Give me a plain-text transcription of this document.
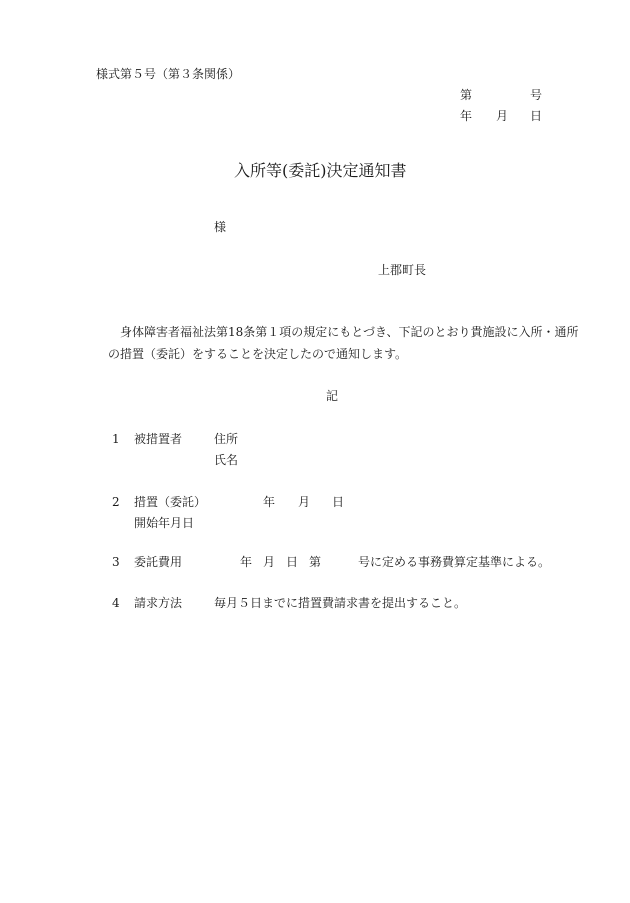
様式第５号（第３条関係）
第	号
年 月 日
入所等(委託)決定通知書
様
上郡町長
身体障害者福祉法第18条第１項の規定にもとづき、下記のとおり貴施設に入所・通所
の措置（委託）をすることを決定したので通知します。
記
1 被措置者	住所
氏名
2 措置（委託）
開始年月日
年 月 日
3 委託費用	年 月 日 第	号に定める事務費算定基準による。
4 請求方法	毎月５日までに措置費請求書を提出すること。
